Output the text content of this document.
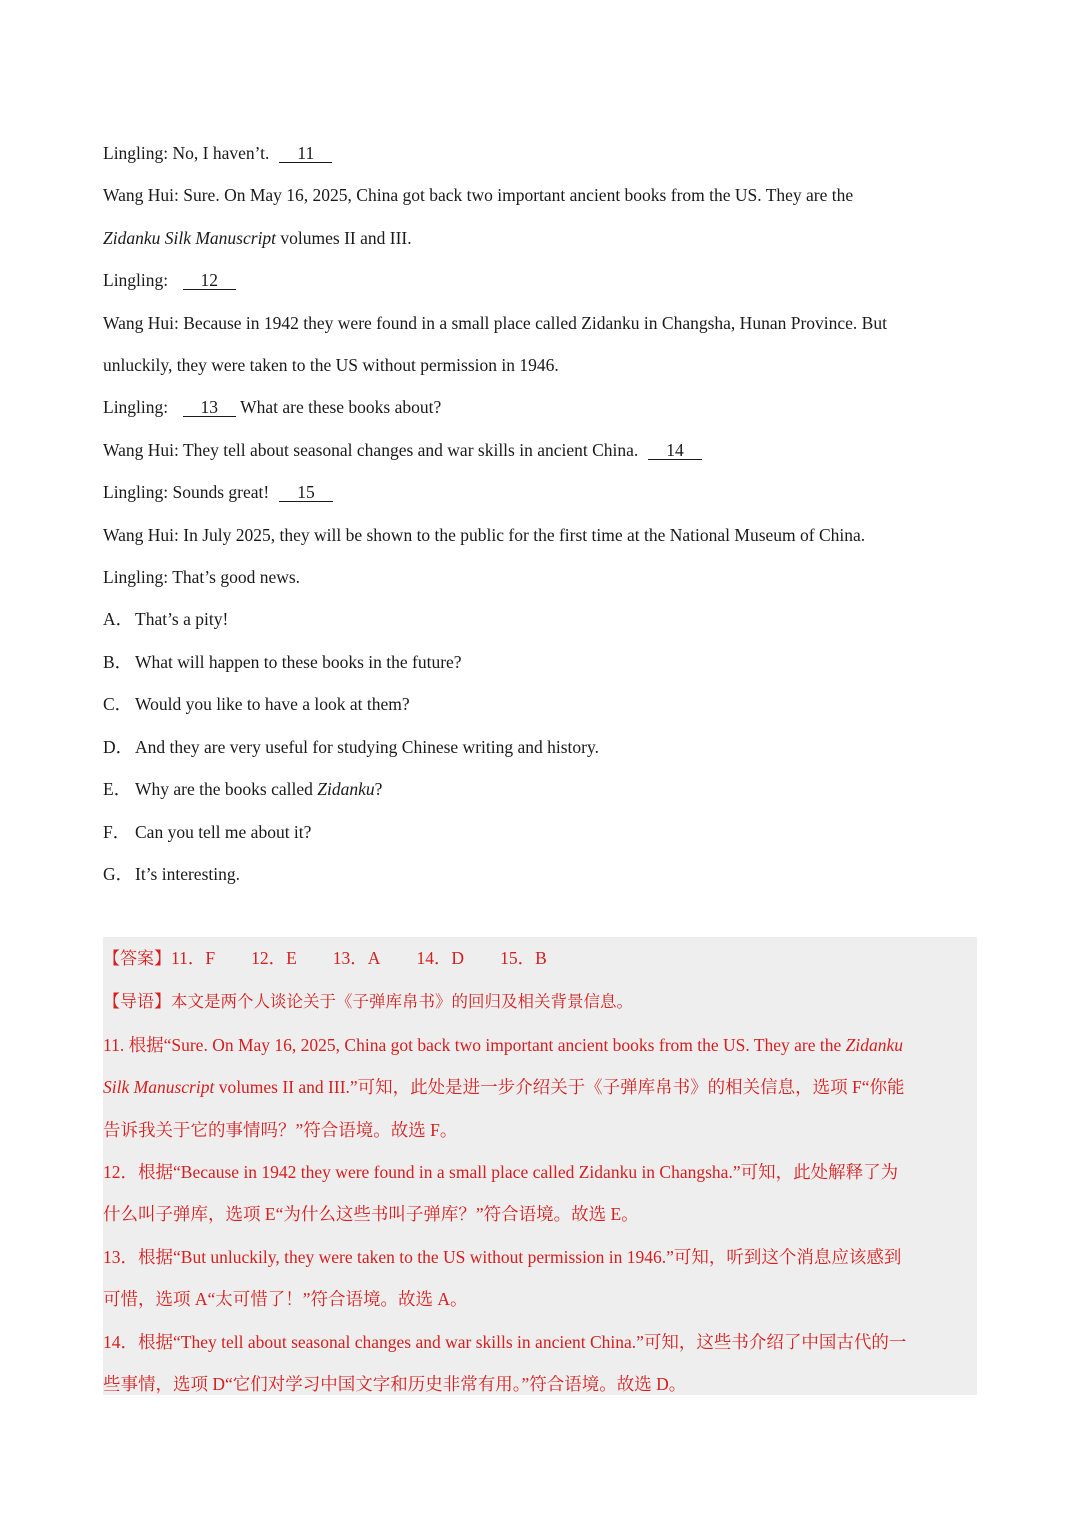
Lingling: No, I haven’t. 11
Wang Hui: Sure. On May 16, 2025, China got back two important ancient books from the US. They are the
Zidanku Silk Manuscript volumes II and III.
Lingling: 12
Wang Hui: Because in 1942 they were found in a small place called Zidanku in Changsha, Hunan Province. But
unluckily, they were taken to the US without permission in 1946.
Lingling: 13 What are these books about?
Wang Hui: They tell about seasonal changes and war skills in ancient China. 14
Lingling: Sounds great! 15
Wang Hui: In July 2025, they will be shown to the public for the first time at the National Museum of China.
Lingling: That’s good news.
A． That’s a pity!
B． What will happen to these books in the future?
C． Would you like to have a look at them?
D． And they are very useful for studying Chinese writing and history.
E． Why are the books called Zidanku?
F． Can you tell me about it?
G． It’s interesting.
【答案】11．F 12．E 13．A 14．D 15．B
【导语】本文是两个人谈论关于《子弹库帛书》的回归及相关背景信息。
11. 根据“Sure. On May 16, 2025, China got back two important ancient books from the US. They are the Zidanku
Silk Manuscript volumes II and III.”可知，此处是进一步介绍关于《子弹库帛书》的相关信息，选项 F“你能
告诉我关于它的事情吗？”符合语境。故选 F。
12．根据“Because in 1942 they were found in a small place called Zidanku in Changsha.”可知，此处解释了为
什么叫子弹库，选项 E“为什么这些书叫子弹库？”符合语境。故选 E。
13．根据“But unluckily, they were taken to the US without permission in 1946.”可知，听到这个消息应该感到
可惜，选项 A“太可惜了！”符合语境。故选 A。
14．根据“They tell about seasonal changes and war skills in ancient China.”可知，这些书介绍了中国古代的一
些事情，选项 D“它们对学习中国文字和历史非常有用。”符合语境。故选 D。
